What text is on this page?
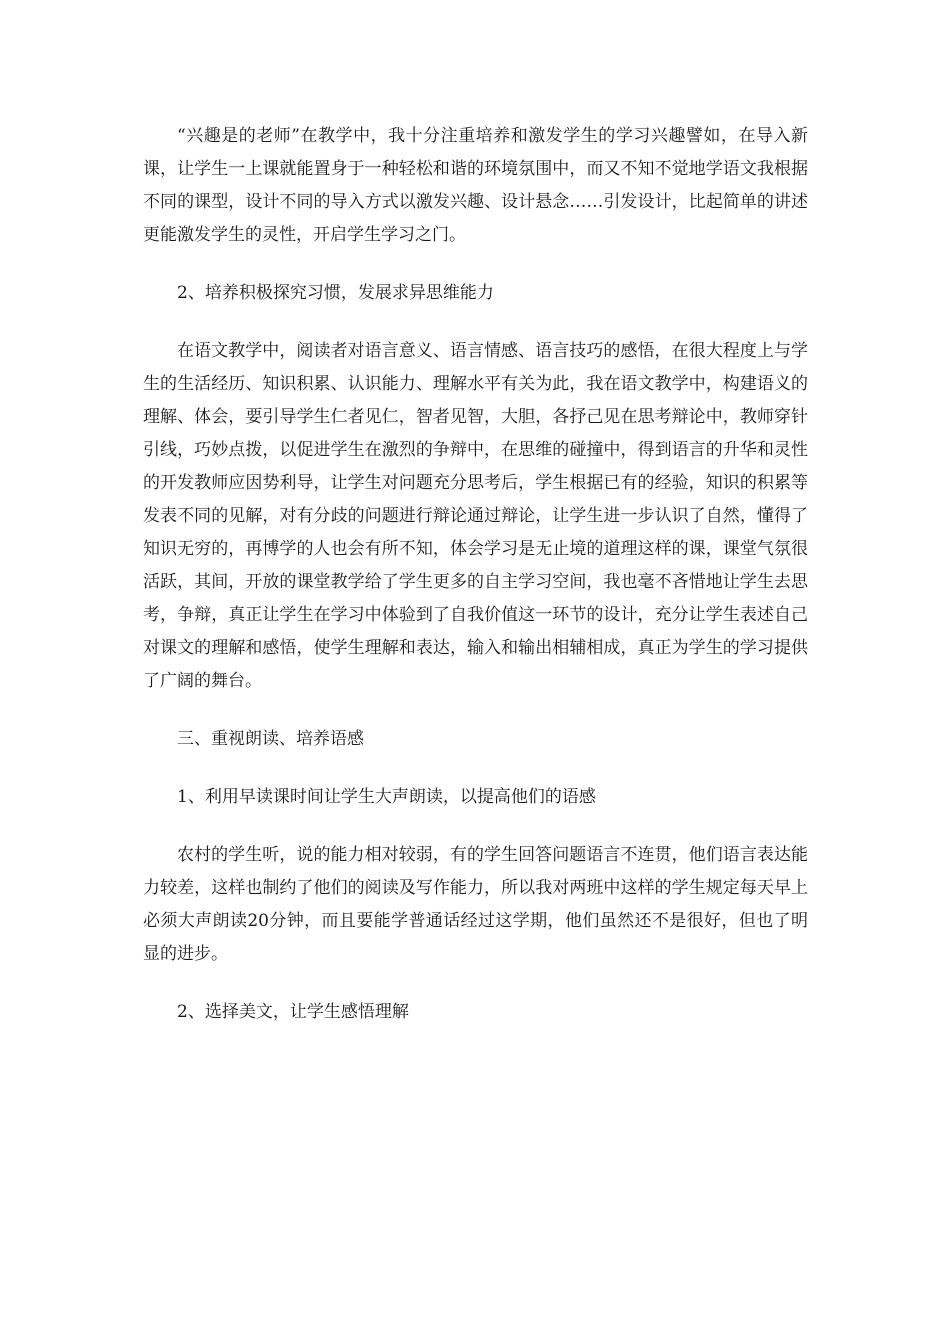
“兴趣是的老师”在教学中，我十分注重培养和激发学生的学习兴趣譬如，在导入新课，让学生一上课就能置身于一种轻松和谐的环境氛围中，而又不知不觉地学语文我根据不同的课型，设计不同的导入方式以激发兴趣、设计悬念……引发设计，比起简单的讲述更能激发学生的灵性，开启学生学习之门。

2、培养积极探究习惯，发展求异思维能力

在语文教学中，阅读者对语言意义、语言情感、语言技巧的感悟，在很大程度上与学生的生活经历、知识积累、认识能力、理解水平有关为此，我在语文教学中，构建语义的理解、体会，要引导学生仁者见仁，智者见智，大胆，各抒己见在思考辩论中，教师穿针引线，巧妙点拨，以促进学生在激烈的争辩中，在思维的碰撞中，得到语言的升华和灵性的开发教师应因势利导，让学生对问题充分思考后，学生根据已有的经验，知识的积累等发表不同的见解，对有分歧的问题进行辩论通过辩论，让学生进一步认识了自然，懂得了知识无穷的，再博学的人也会有所不知，体会学习是无止境的道理这样的课，课堂气氛很活跃，其间，开放的课堂教学给了学生更多的自主学习空间，我也毫不吝惜地让学生去思考，争辩，真正让学生在学习中体验到了自我价值这一环节的设计，充分让学生表述自己对课文的理解和感悟，使学生理解和表达，输入和输出相辅相成，真正为学生的学习提供了广阔的舞台。

三、重视朗读、培养语感

1、利用早读课时间让学生大声朗读，以提高他们的语感

农村的学生听，说的能力相对较弱，有的学生回答问题语言不连贯，他们语言表达能力较差，这样也制约了他们的阅读及写作能力，所以我对两班中这样的学生规定每天早上必须大声朗读20分钟，而且要能学普通话经过这学期，他们虽然还不是很好，但也了明显的进步。

2、选择美文，让学生感悟理解
